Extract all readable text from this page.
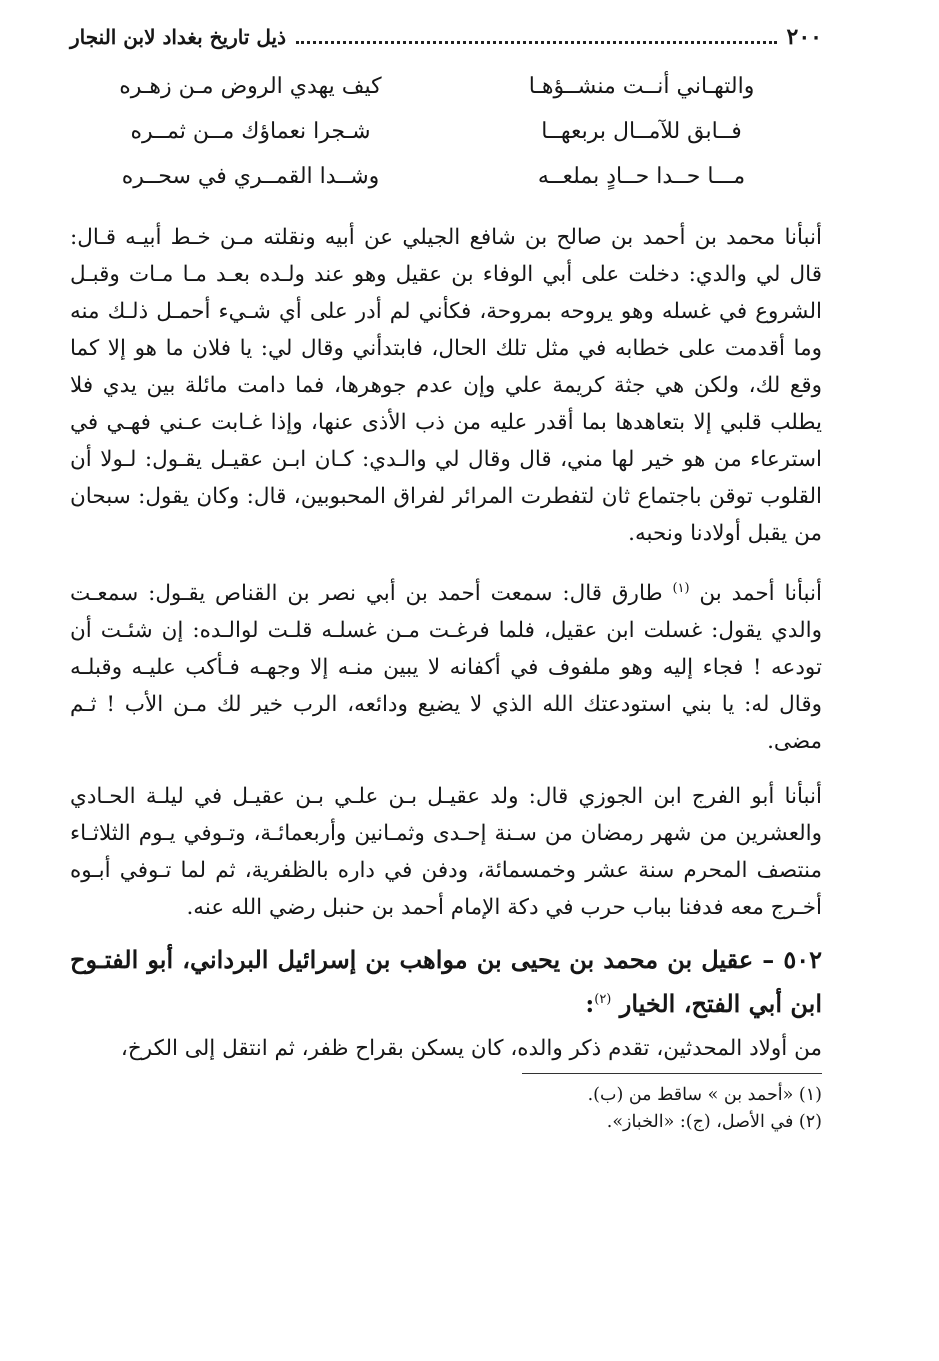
٢٠٠
ذيل تاريخ بغداد لابن النجار
والتهـاني أنــت منشــؤهـا
كيف يهدي الروض مـن زهـره
فــابق للآمــال بربعهــا
شـجرا نعماؤك مــن ثمــره
مـــا حــدا حــادٍ بملعــه
وشــدا القمــري في سحــره

أنبأنا محمد بن أحمد بن صالح بن شافع الجيلي عن أبيه ونقلته مـن خـط أبيـه قـال: قال لي والدي: دخلت على أبي الوفاء بن عقيل وهو عند ولـده بعـد مـا مـات وقبـل الشروع في غسله وهو يروحه بمروحة، فكأني لم أدر على أي شـيء أحمـل ذلـك منه وما أقدمت على خطابه في مثل تلك الحال، فابتدأني وقال لي: يا فلان ما هو إلا كما وقع لك، ولكن هي جثة كريمة علي وإن عدم جوهرها، فما دامت مائلة بين يدي فلا يطلب قلبي إلا بتعاهدها بما أقدر عليه من ذب الأذى عنها، وإذا غـابت عـني فهـي في استرعاء من هو خير لها مني، قال وقال لي والـدي: كـان ابـن عقيـل يقـول: لـولا أن القلوب توقن باجتماع ثان لتفطرت المرائر لفراق المحبوبين، قال: وكان يقول: سبحان من يقبل أولادنا ونحبه.

أنبأنا أحمد بن $^{(١)}$ طارق قال: سمعت أحمد بن أبي نصر بن القناص يقـول: سمعـت والدي يقول: غسلت ابن عقيل، فلما فرغـت مـن غسلـه قلـت لوالـده: إن شئـت أن تودعه ! فجاء إليه وهو ملفوف في أكفانه لا يبين منـه إلا وجهـه فـأكب عليـه وقبلـه وقال له: يا بني استودعتك الله الذي لا يضيع ودائعه، الرب خير لك مـن الأب ! ثـم مضى.

أنبأنا أبو الفرج ابن الجوزي قال: ولد عقيـل بـن علـي بـن عقيـل في ليلـة الحـادي والعشرين من شهر رمضان من سـنة إحـدى وثمـانين وأربعمائـة، وتـوفي يـوم الثلاثـاء منتصف المحرم سنة عشر وخمسمائة، ودفن في داره بالظفرية، ثم لما تـوفي أبـوه أخـرج معه فدفنا بباب حرب في دكة الإمام أحمد بن حنبل رضي الله عنه.

٥٠٢ – عقيل بن محمد بن يحيى بن مواهب بن إسرائيل البرداني، أبو الفتـوح ابن أبي الفتح، الخيار $^{(٢)}$:

من أولاد المحدثين، تقدم ذكر والده، كان يسكن بقراح ظفر، ثم انتقل إلى الكرخ،

(١) «أحمد بن » ساقط من (ب).
(٢) في الأصل، (ج): «الخباز».
